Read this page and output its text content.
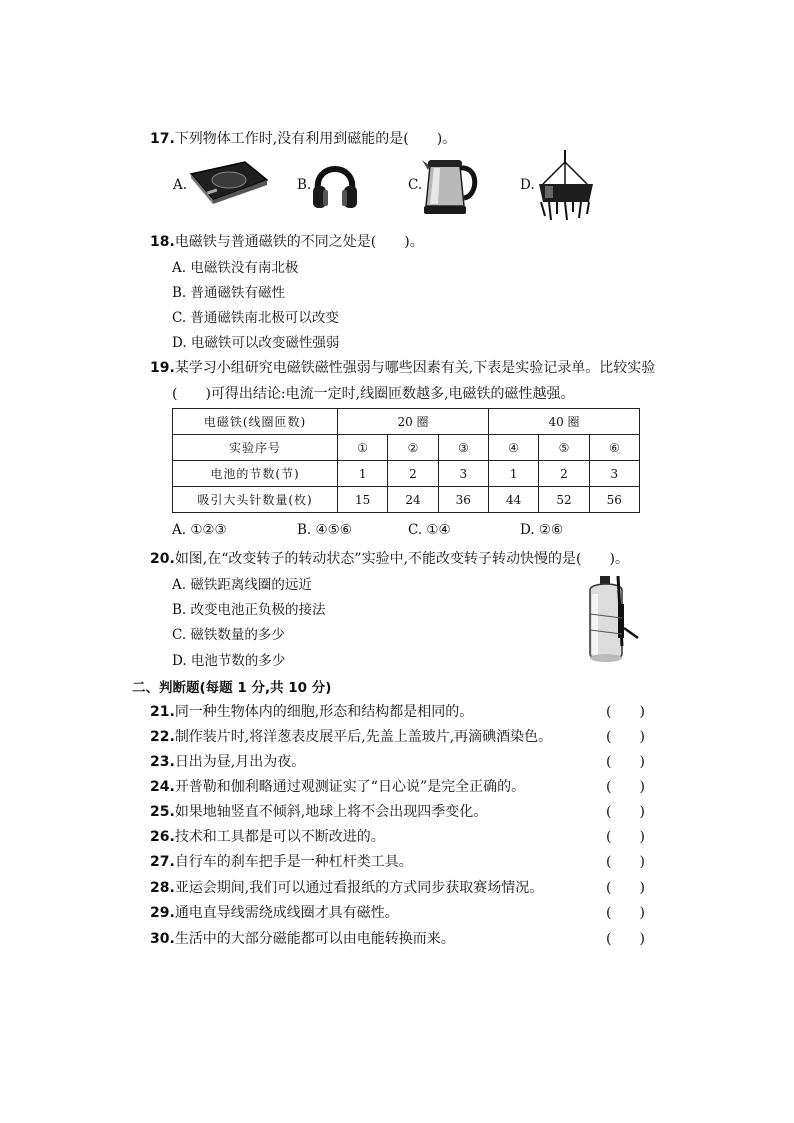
17.下列物体工作时,没有利用到磁能的是(　　)。
A.	B.	C.	D.
18.电磁铁与普通磁铁的不同之处是(　　)。
A. 电磁铁没有南北极
B. 普通磁铁有磁性
C. 普通磁铁南北极可以改变
D. 电磁铁可以改变磁性强弱
19.某学习小组研究电磁铁磁性强弱与哪些因素有关,下表是实验记录单。比较实验
(　　)可得出结论:电流一定时,线圈匝数越多,电磁铁的磁性越强。
电磁铁(线圈匝数)	20 圈			40 圈		
实验序号	①	②	③	④	⑤	⑥
电池的节数(节)	1	2	3	1	2	3
吸引大头针数量(枚)	15	24	36	44	52	56
A. ①②③	B. ④⑤⑥	C. ①④	D. ②⑥
20.如图,在“改变转子的转动状态”实验中,不能改变转子转动快慢的是(　　)。
A. 磁铁距离线圈的远近
B. 改变电池正负极的接法
C. 磁铁数量的多少
D. 电池节数的多少
二、判断题(每题 1 分,共 10 分)
21.同一种生物体内的细胞,形态和结构都是相同的。	(　　)
22.制作装片时,将洋葱表皮展平后,先盖上盖玻片,再滴碘酒染色。	(　　)
23.日出为昼,月出为夜。	(　　)
24.开普勒和伽利略通过观测证实了“日心说”是完全正确的。	(　　)
25.如果地轴竖直不倾斜,地球上将不会出现四季变化。	(　　)
26.技术和工具都是可以不断改进的。	(　　)
27.自行车的刹车把手是一种杠杆类工具。	(　　)
28.亚运会期间,我们可以通过看报纸的方式同步获取赛场情况。	(　　)
29.通电直导线需绕成线圈才具有磁性。	(　　)
30.生活中的大部分磁能都可以由电能转换而来。	(　　)
